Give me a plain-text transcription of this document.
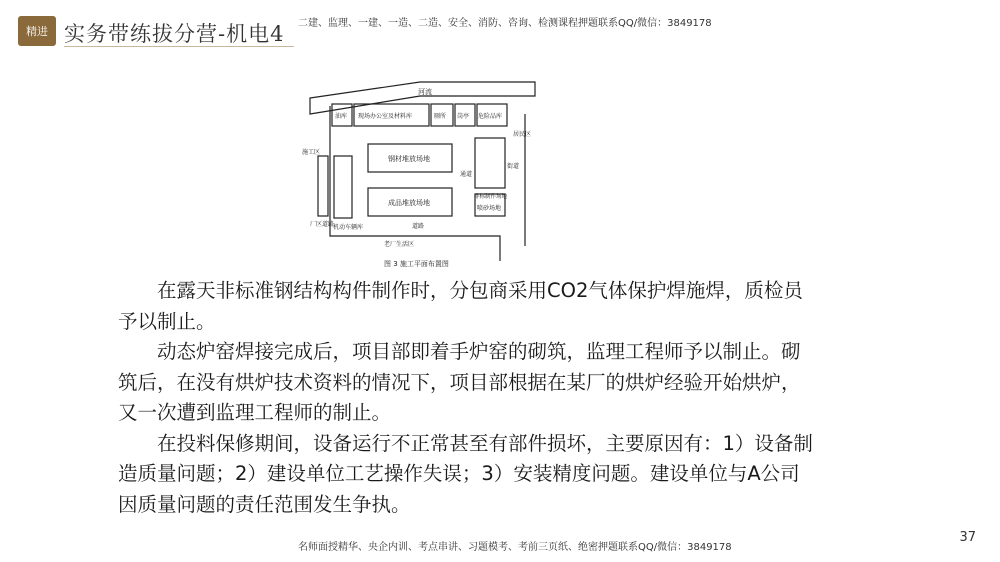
精进 实务带练拔分营-机电4 二建、监理、一建、一造、二造、安全、消防、咨询、检测课程押题联系QQ/微信：3849178
河流
油库 现场办公室及材料库	厕所 岗亭 危险品库
施工区
厂区道路
机动车辆库
钢材堆放场地
成品堆放场地
通道
非标制作场地
喷砂场地
街道
居民区
道路
老厂生活区
图 3 施工平面布置图

在露天非标准钢结构构件制作时，分包商采用CO2气体保护焊施焊，质检员予以制止。

动态炉窑焊接完成后，项目部即着手炉窑的砌筑，监理工程师予以制止。砌筑后，在没有烘炉技术资料的情况下，项目部根据在某厂的烘炉经验开始烘炉，又一次遭到监理工程师的制止。

在投料保修期间，设备运行不正常甚至有部件损坏，主要原因有：1）设备制造质量问题；2）建设单位工艺操作失误；3）安装精度问题。建设单位与A公司因质量问题的责任范围发生争执。

37
名师面授精华、央企内训、考点串讲、习题模考、考前三页纸、绝密押题联系QQ/微信：3849178
